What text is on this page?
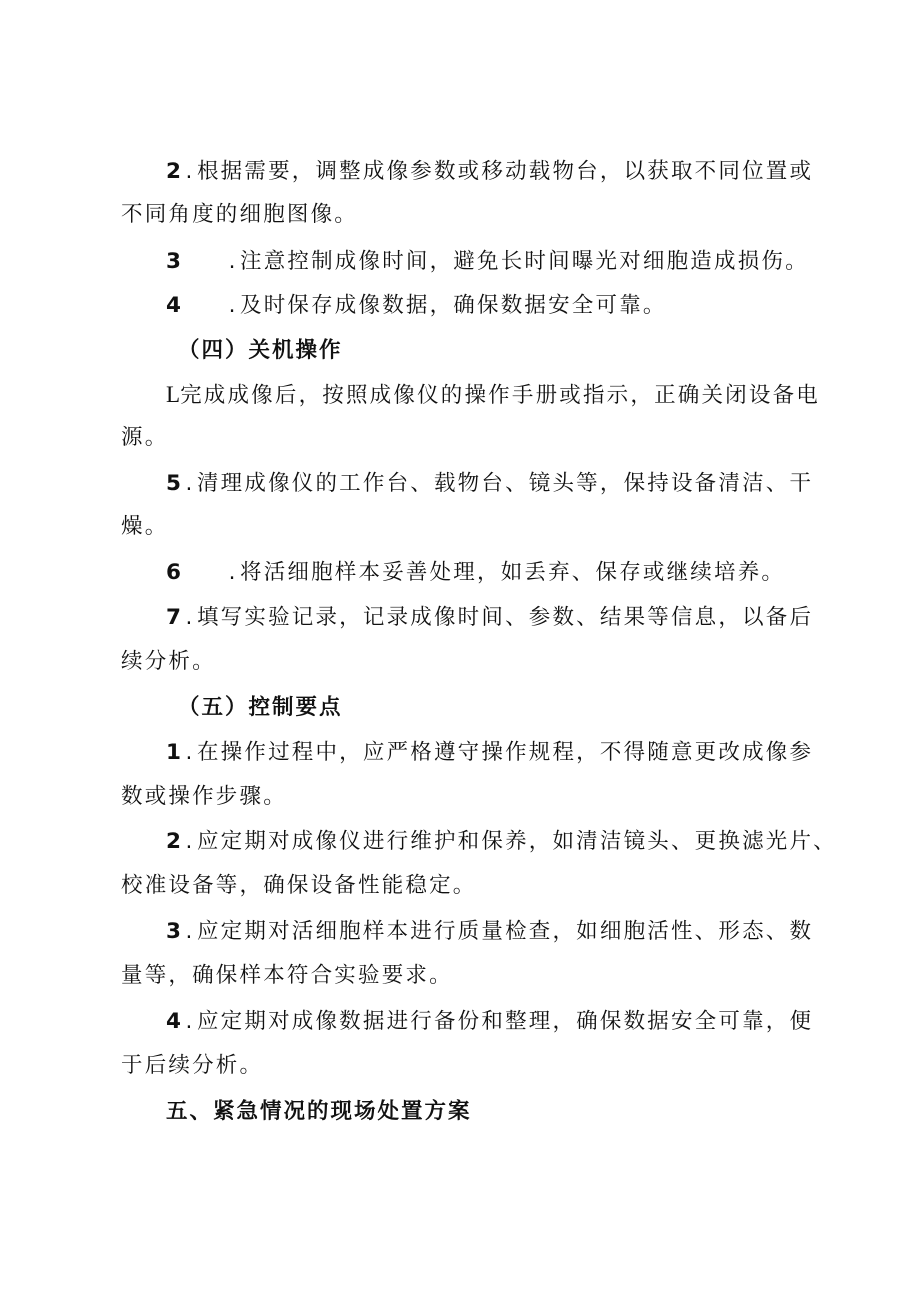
2 . 根据需要，调整成像参数或移动载物台，以获取不同位置或
不同角度的细胞图像。
3 . 注意控制成像时间，避免长时间曝光对细胞造成损伤。
4 . 及时保存成像数据，确保数据安全可靠。
（四）关机操作
L完成成像后，按照成像仪的操作手册或指示，正确关闭设备电
源。
5 . 清理成像仪的工作台、载物台、镜头等，保持设备清洁、干
燥。
6 . 将活细胞样本妥善处理，如丢弃、保存或继续培养。
7 . 填写实验记录，记录成像时间、参数、结果等信息，以备后
续分析。
（五）控制要点
1 . 在操作过程中，应严格遵守操作规程，不得随意更改成像参
数或操作步骤。
2 . 应定期对成像仪进行维护和保养，如清洁镜头、更换滤光片、
校准设备等，确保设备性能稳定。
3 . 应定期对活细胞样本进行质量检查，如细胞活性、形态、数
量等，确保样本符合实验要求。
4 . 应定期对成像数据进行备份和整理，确保数据安全可靠，便
于后续分析。
五、紧急情况的现场处置方案
